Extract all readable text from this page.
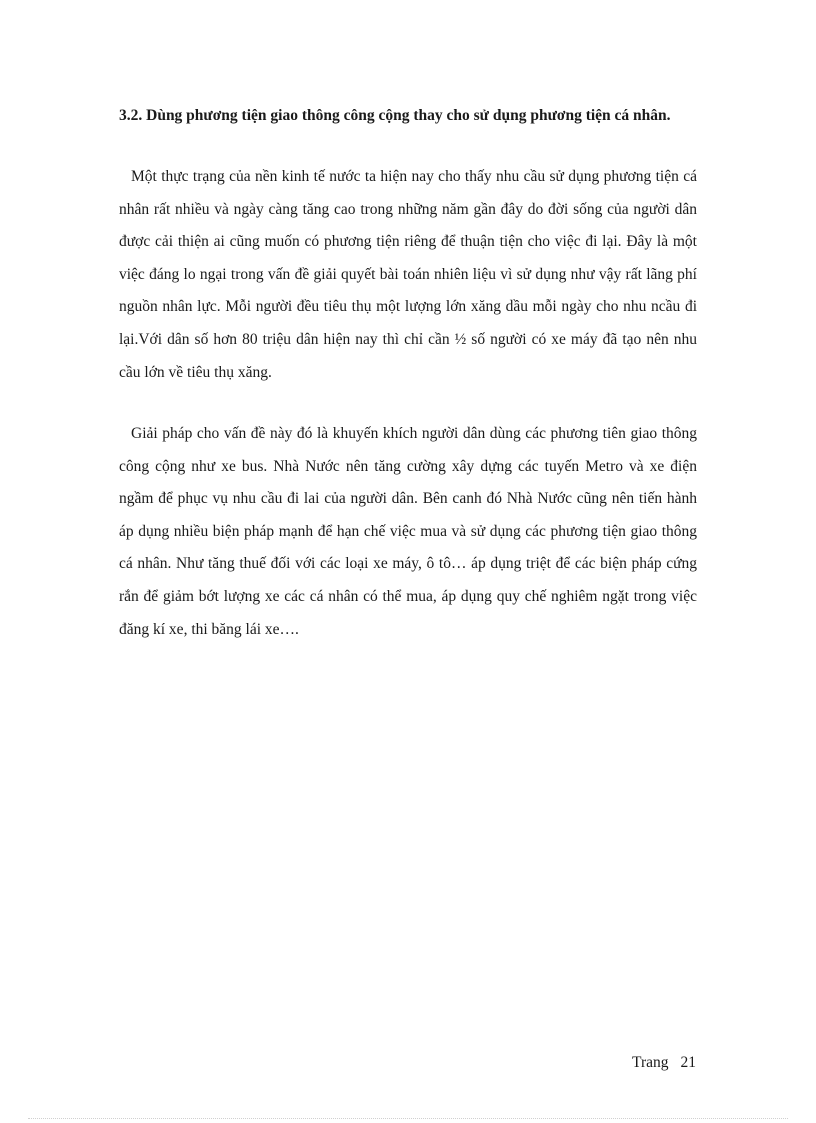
3.2. Dùng phương tiện giao thông công cộng thay cho sử dụng phương tiện cá nhân.

Một thực trạng của nền kinh tế nước ta hiện nay cho thấy nhu cầu sử dụng phương tiện cá nhân rất nhiều và ngày càng tăng cao trong những năm gần đây do đời sống của người dân được cải thiện ai cũng muốn có phương tiện riêng để thuận tiện cho việc đi lại. Đây là một việc đáng lo ngại trong vấn đề giải quyết bài toán nhiên liệu vì sử dụng như vậy rất lãng phí nguồn nhân lực. Mỗi người đều tiêu thụ một lượng lớn xăng dầu mỗi ngày cho nhu ncầu đi lại.Với dân số hơn 80 triệu dân hiện nay thì chỉ cần ½ số người có xe máy đã tạo nên nhu cầu lớn về tiêu thụ xăng.

Giải pháp cho vấn đề này đó là khuyến khích người dân dùng các phương tiên giao thông công cộng như xe bus. Nhà Nước nên tăng cường xây dựng các tuyến Metro và xe điện ngầm để phục vụ nhu cầu đi lai của người dân. Bên canh đó Nhà Nước cũng nên tiến hành áp dụng nhiều biện pháp mạnh để hạn chế việc mua và sử dụng các phương tiện giao thông cá nhân. Như tăng thuế đối với các loại xe máy, ô tô… áp dụng triệt để các biện pháp cứng rắn để giảm bớt lượng xe các cá nhân có thể mua, áp dụng quy chế nghiêm ngặt trong việc đăng kí xe, thi băng lái xe….

Trang 21
